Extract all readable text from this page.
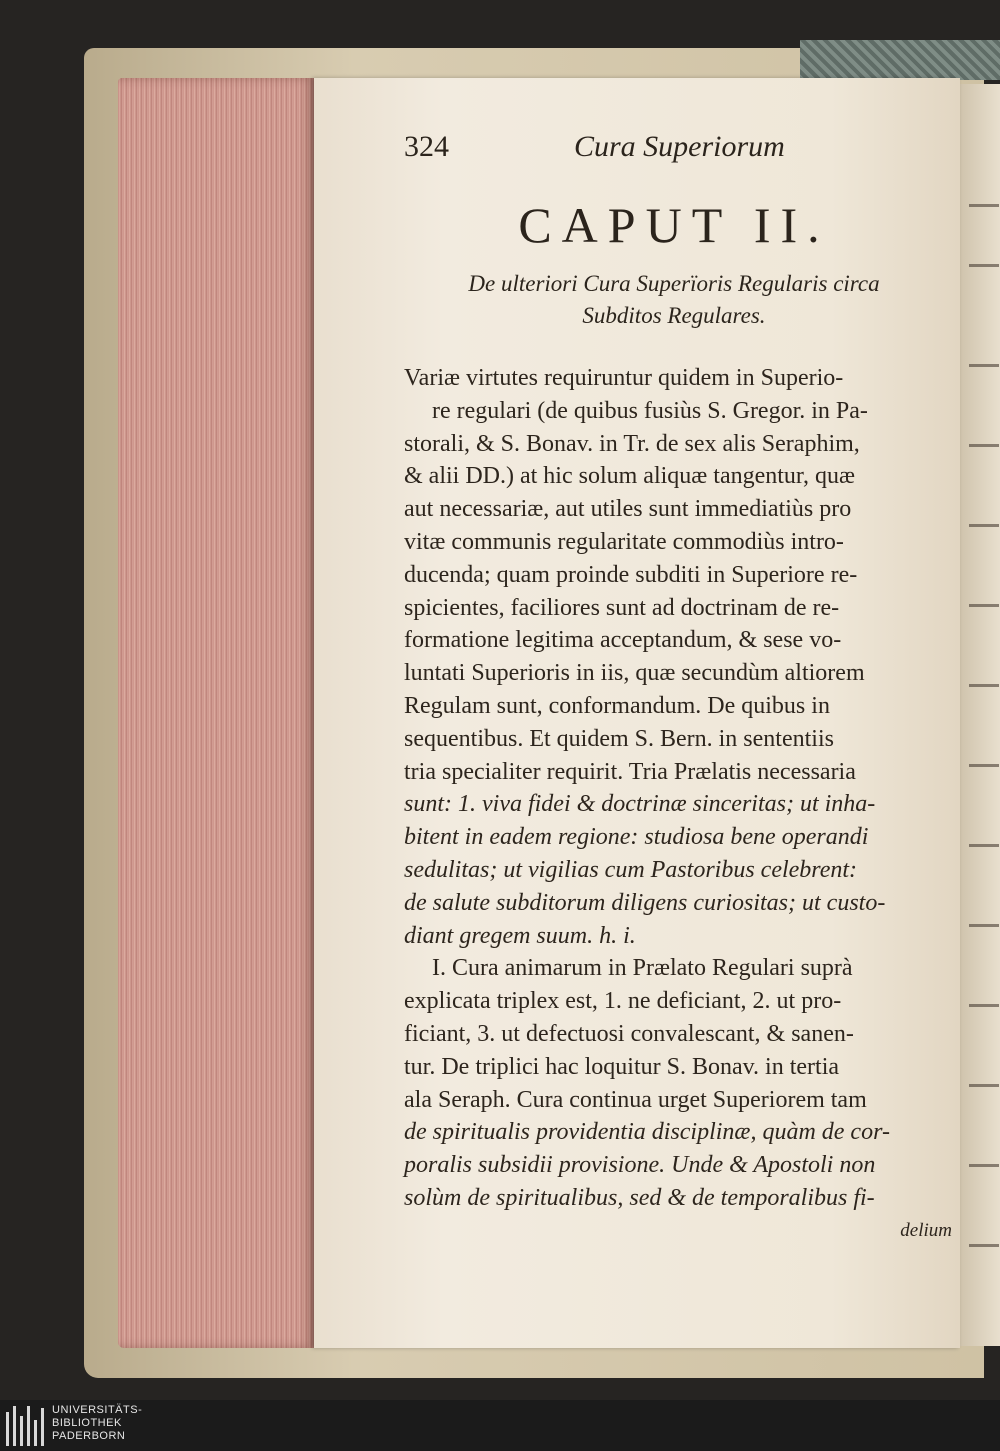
324	Cura Superiorum
CAPUT II.
De ulteriori Cura Superïoris Regularis circa
Subditos Regulares.
Variæ virtutes requiruntur quidem in Superio-
re regulari (de quibus fusiùs S. Gregor. in Pa-
storali, & S. Bonav. in Tr. de sex alis Seraphim,
& alii DD.) at hic solum aliquæ tangentur, quæ
aut necessariæ, aut utiles sunt immediatiùs pro
vitæ communis regularitate commodiùs intro-
ducenda; quam proinde subditi in Superiore re-
spicientes, faciliores sunt ad doctrinam de re-
formatione legitima acceptandum, & sese vo-
luntati Superioris in iis, quæ secundùm altiorem
Regulam sunt, conformandum. De quibus in
sequentibus. Et quidem S. Bern. in sententiis
tria specialiter requirit. Tria Prælatis necessaria
sunt: 1. viva fidei & doctrinæ sinceritas; ut inha-
bitent in eadem regione: studiosa bene operandi
sedulitas; ut vigilias cum Pastoribus celebrent:
de salute subditorum diligens curiositas; ut custo-
diant gregem suum. h. i.
I. Cura animarum in Prælato Regulari suprà
explicata triplex est, 1. ne deficiant, 2. ut pro-
ficiant, 3. ut defectuosi convalescant, & sanen-
tur. De triplici hac loquitur S. Bonav. in tertia
ala Seraph. Cura continua urget Superiorem tam
de spiritualis providentia disciplinæ, quàm de cor-
poralis subsidii provisione. Unde & Apostoli non
solùm de spiritualibus, sed & de temporalibus fi-
delium
UNIVERSITÄTS-
BIBLIOTHEK
PADERBORN
